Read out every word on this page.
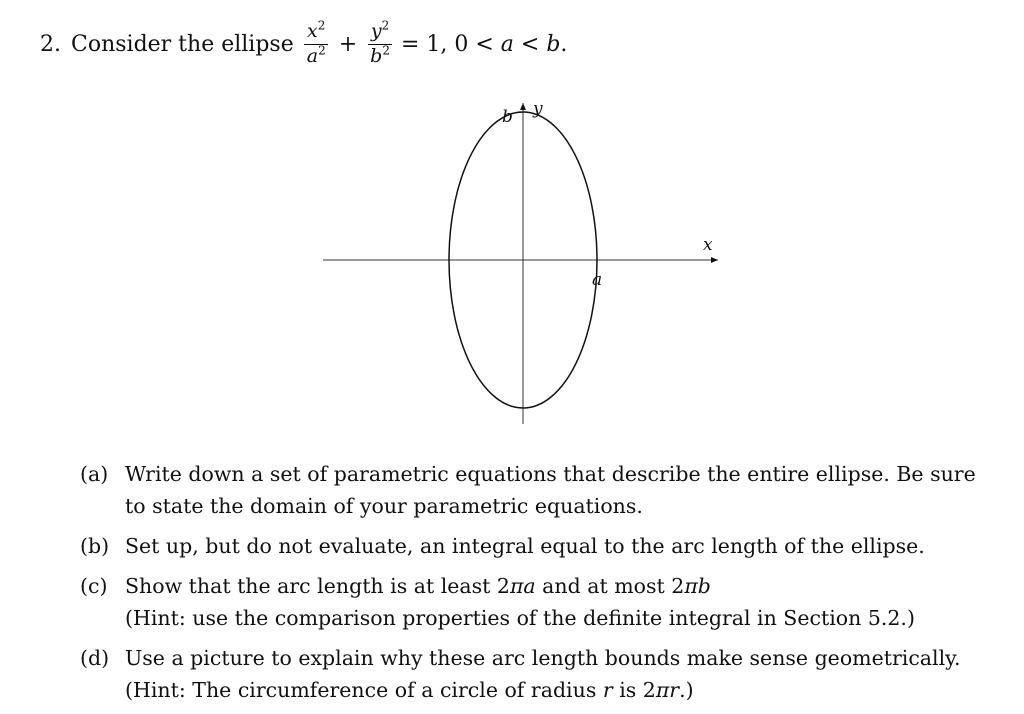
2. Consider the ellipse $\frac{x^2}{a^2} + \frac{y^2}{b^2} = 1$, 0 < a < b .
b y
x
a
(a) Write down a set of parametric equations that describe the entire ellipse. Be sure to state the domain of your parametric equations.
(b) Set up, but do not evaluate, an integral equal to the arc length of the ellipse.
(c) Show that the arc length is at least 2πa and at most 2πb
(Hint: use the comparison properties of the definite integral in Section 5.2.)
(d) Use a picture to explain why these arc length bounds make sense geometrically.
(Hint: The circumference of a circle of radius r is 2πr.)
